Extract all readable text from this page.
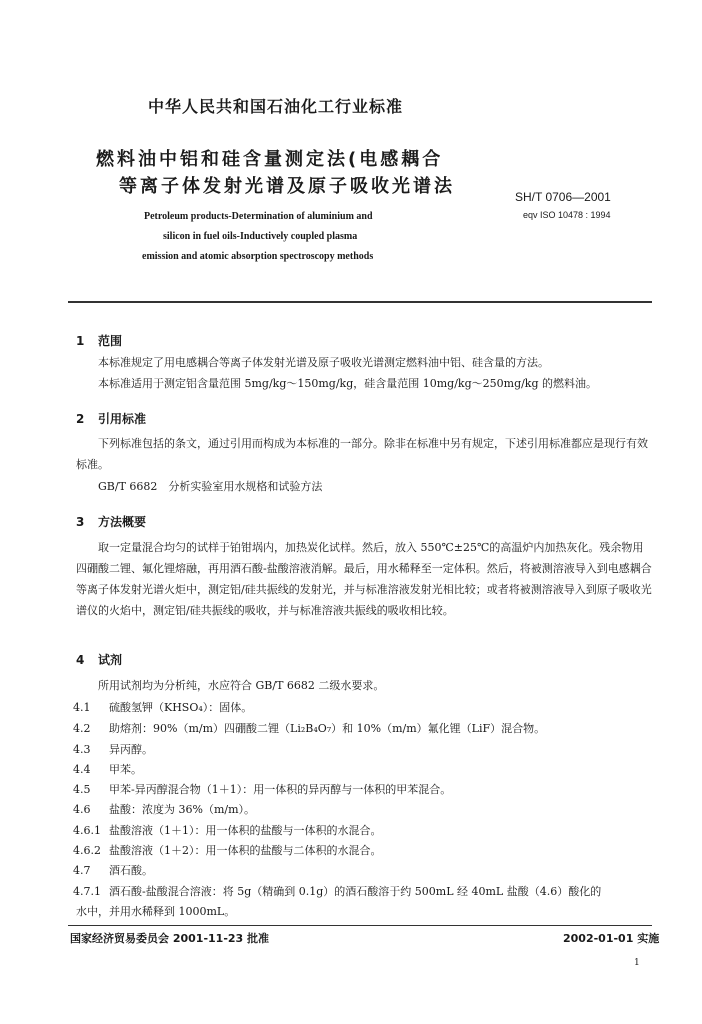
中华人民共和国石油化工行业标准
燃料油中铝和硅含量测定法(电感耦合
等离子体发射光谱及原子吸收光谱法	SH/T 0706—2001
eqv ISO 10478 : 1994
Petroleum products-Determination of aluminium and
silicon in fuel oils-Inductively coupled plasma
emission and atomic absorption spectroscopy methods
1 范围
本标准规定了用电感耦合等离子体发射光谱及原子吸收光谱测定燃料油中铝、硅含量的方法。
本标准适用于测定铝含量范围 5mg/kg～150mg/kg，硅含量范围 10mg/kg～250mg/kg 的燃料油。
2 引用标准
下列标准包括的条文，通过引用而构成为本标准的一部分。除非在标准中另有规定，下述引用标准都应是现行有效标准。
GB/T 6682　分析实验室用水规格和试验方法
3 方法概要
取一定量混合均匀的试样于铂钳埚内，加热炭化试样。然后，放入 550℃±25℃的高温炉内加热灰化。残余物用四硼酸二锂、氟化锂熔融，再用酒石酸-盐酸溶液消解。最后，用水稀释至一定体积。然后，将被测溶液导入到电感耦合等离子体发射光谱火炬中，测定铝/硅共振线的发射光，并与标准溶液发射光相比较；或者将被测溶液导入到原子吸收光谱仪的火焰中，测定铝/硅共振线的吸收，并与标准溶液共振线的吸收相比较。
4 试剂
所用试剂均为分析纯，水应符合 GB/T 6682 二级水要求。
4.1 硫酸氢钾（KHSO₄）：固体。
4.2 助熔剂：90%（m/m）四硼酸二锂（Li₂B₄O₇）和 10%（m/m）氟化锂（LiF）混合物。
4.3 异丙醇。
4.4 甲苯。
4.5 甲苯-异丙醇混合物（1＋1）：用一体积的异丙醇与一体积的甲苯混合。
4.6 盐酸：浓度为 36%（m/m）。
4.6.1 盐酸溶液（1＋1）：用一体积的盐酸与一体积的水混合。
4.6.2 盐酸溶液（1＋2）：用一体积的盐酸与二体积的水混合。
4.7 酒石酸。
4.7.1 酒石酸-盐酸混合溶液：将 5g（精确到 0.1g）的酒石酸溶于约 500mL 经 40mL 盐酸（4.6）酸化的
水中，并用水稀释到 1000mL。
国家经济贸易委员会 2001-11-23 批准	2002-01-01 实施
1
